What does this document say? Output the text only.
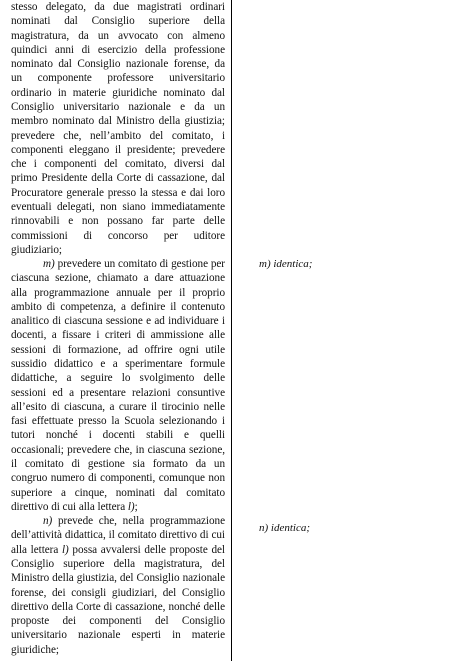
stesso delegato, da due magistrati ordinari nominati dal Consiglio superiore della magistratura, da un avvocato con almeno quindici anni di esercizio della professione nominato dal Consiglio nazionale forense, da un componente professore universitario ordinario in materie giuridiche nominato dal Consiglio universitario nazionale e da un membro nominato dal Ministro della giustizia; prevedere che, nell’ambito del comitato, i componenti eleggano il presidente; prevedere che i componenti del comitato, diversi dal primo Presidente della Corte di cassazione, dal Procuratore generale presso la stessa e dai loro eventuali delegati, non siano immediatamente rinnovabili e non possano far parte delle commissioni di concorso per uditore giudiziario;

m) prevedere un comitato di gestione per ciascuna sezione, chiamato a dare attuazione alla programmazione annuale per il proprio ambito di competenza, a definire il contenuto analitico di ciascuna sessione e ad individuare i docenti, a fissare i criteri di ammissione alle sessioni di formazione, ad offrire ogni utile sussidio didattico e a sperimentare formule didattiche, a seguire lo svolgimento delle sessioni ed a presentare relazioni consuntive all’esito di ciascuna, a curare il tirocinio nelle fasi effettuate presso la Scuola selezionando i tutori nonché i docenti stabili e quelli occasionali; prevedere che, in ciascuna sezione, il comitato di gestione sia formato da un congruo numero di componenti, comunque non superiore a cinque, nominati dal comitato direttivo di cui alla lettera l);

n) prevede che, nella programmazione dell’attività didattica, il comitato direttivo di cui alla lettera l) possa avvalersi delle proposte del Consiglio superiore della magistratura, del Ministro della giustizia, del Consiglio nazionale forense, dei consigli giudiziari, del Consiglio direttivo della Corte di cassazione, nonché delle proposte dei componenti del Consiglio universitario nazionale esperti in materie giuridiche;

m) identica;
n) identica;
